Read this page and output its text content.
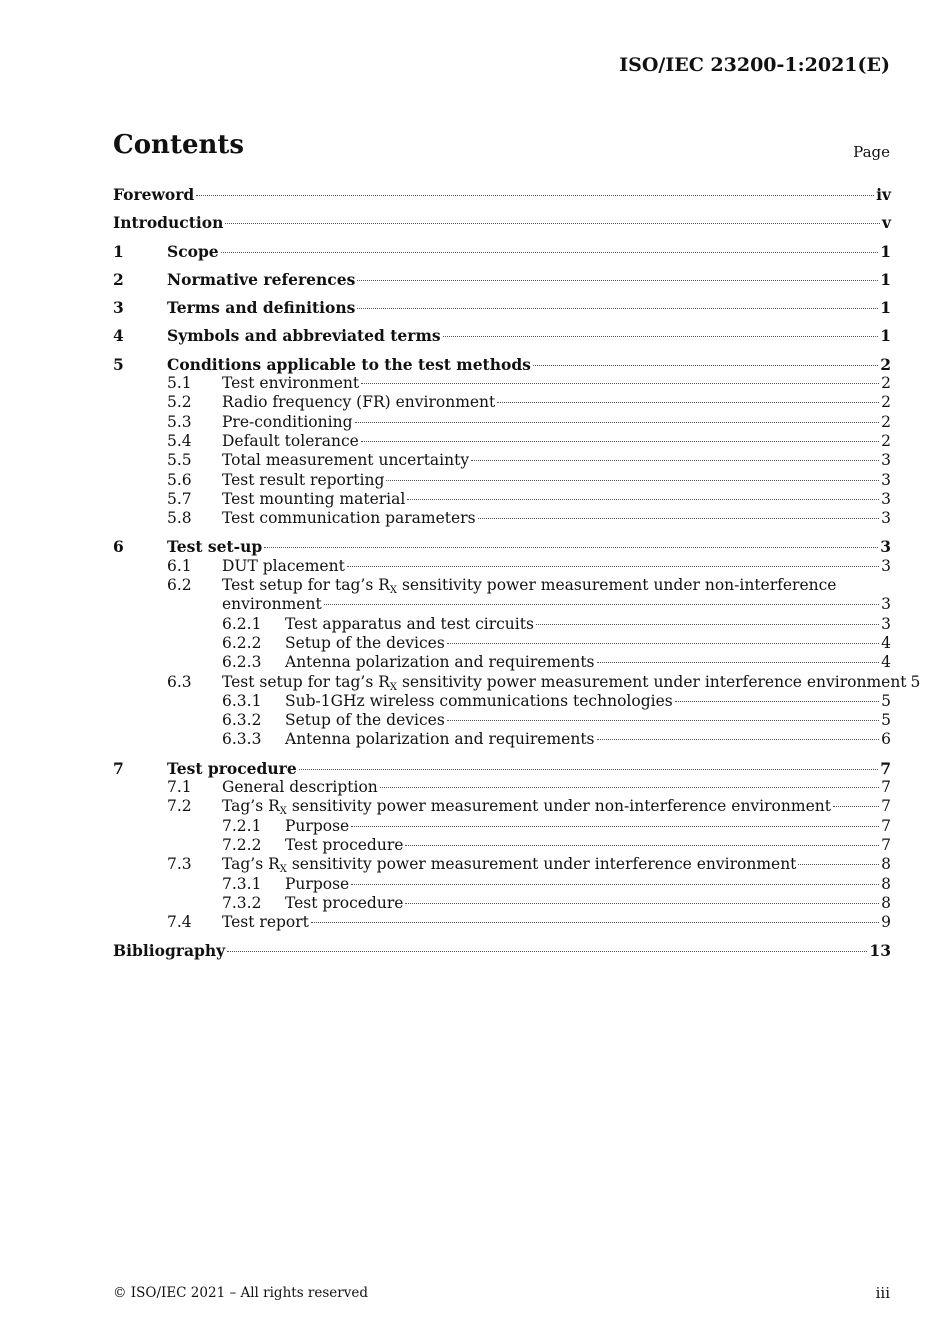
ISO/IEC 23200-1:2021(E)
Contents	Page
Foreword	iv
Introduction	v
1	Scope	1
2	Normative references	1
3	Terms and definitions	1
4	Symbols and abbreviated terms	1
5	Conditions applicable to the test methods	2
5.1 Test environment	2
5.2 Radio frequency (FR) environment	2
5.3 Pre-conditioning	2
5.4 Default tolerance	2
5.5 Total measurement uncertainty	3
5.6 Test result reporting	3
5.7 Test mounting material	3
5.8 Test communication parameters	3
6	Test set-up	3
6.1 DUT placement	3
6.2 Test setup for tag’s $R_X$ sensitivity power measurement under non-interference
environment	3
6.2.1 Test apparatus and test circuits	3
6.2.2 Setup of the devices	4
6.2.3 Antenna polarization and requirements	4
6.3 Test setup for tag’s $R_X$ sensitivity power measurement under interference environment 5
6.3.1 Sub-1GHz wireless communications technologies	5
6.3.2 Setup of the devices	5
6.3.3 Antenna polarization and requirements	6
7	Test procedure	7
7.1 General description	7
7.2 Tag’s $R_X$ sensitivity power measurement under non-interference environment	7
7.2.1 Purpose	7
7.2.2 Test procedure	7
7.3 Tag’s $R_X$ sensitivity power measurement under interference environment	8
7.3.1 Purpose	8
7.3.2 Test procedure	8
7.4 Test report	9
Bibliography	13
© ISO/IEC 2021 – All rights reserved	iii
